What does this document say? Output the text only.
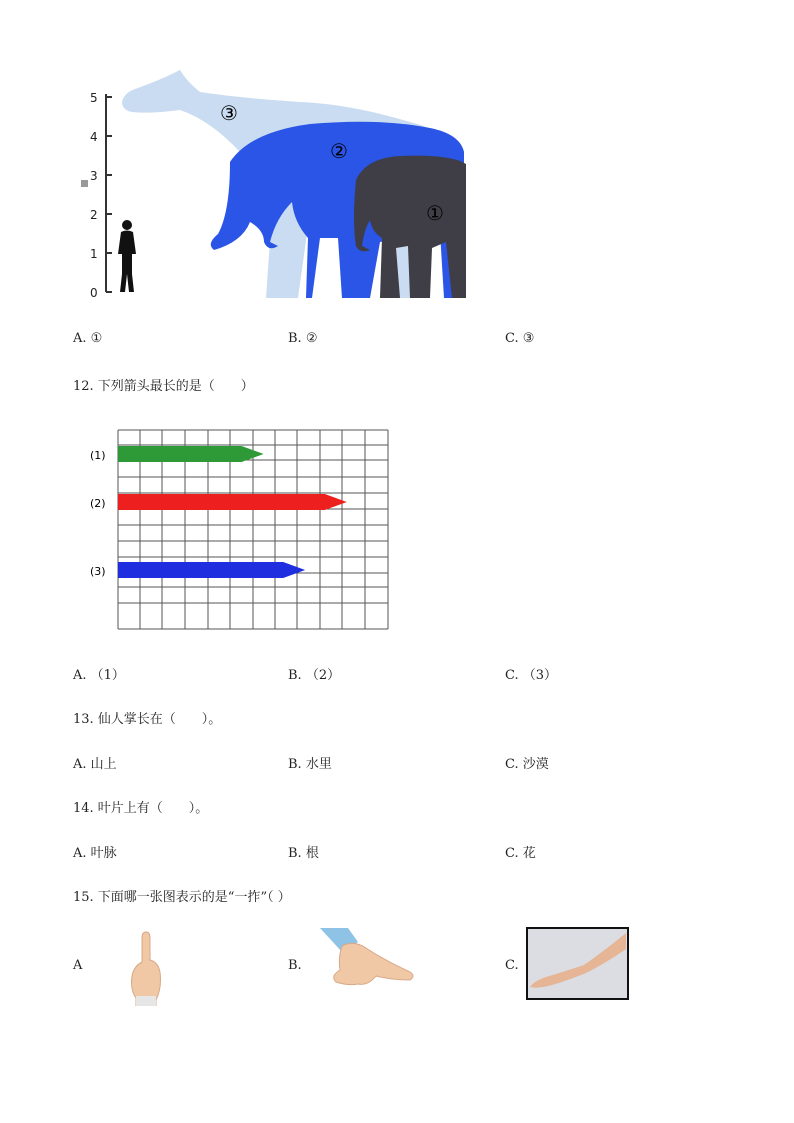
0
1
2
3
4
5
③
②
①
A. ①	B. ②	C. ③
12. 下列箭头最长的是（　　）
(1)
(2)
(3)
A. （1）	B. （2）	C. （3）
13. 仙人掌长在（　　）。
A. 山上	B. 水里	C. 沙漠
14. 叶片上有（　　）。
A. 叶脉	B. 根	C. 花
15. 下面哪一张图表示的是“一拃”（ ）
A	B.	C.
